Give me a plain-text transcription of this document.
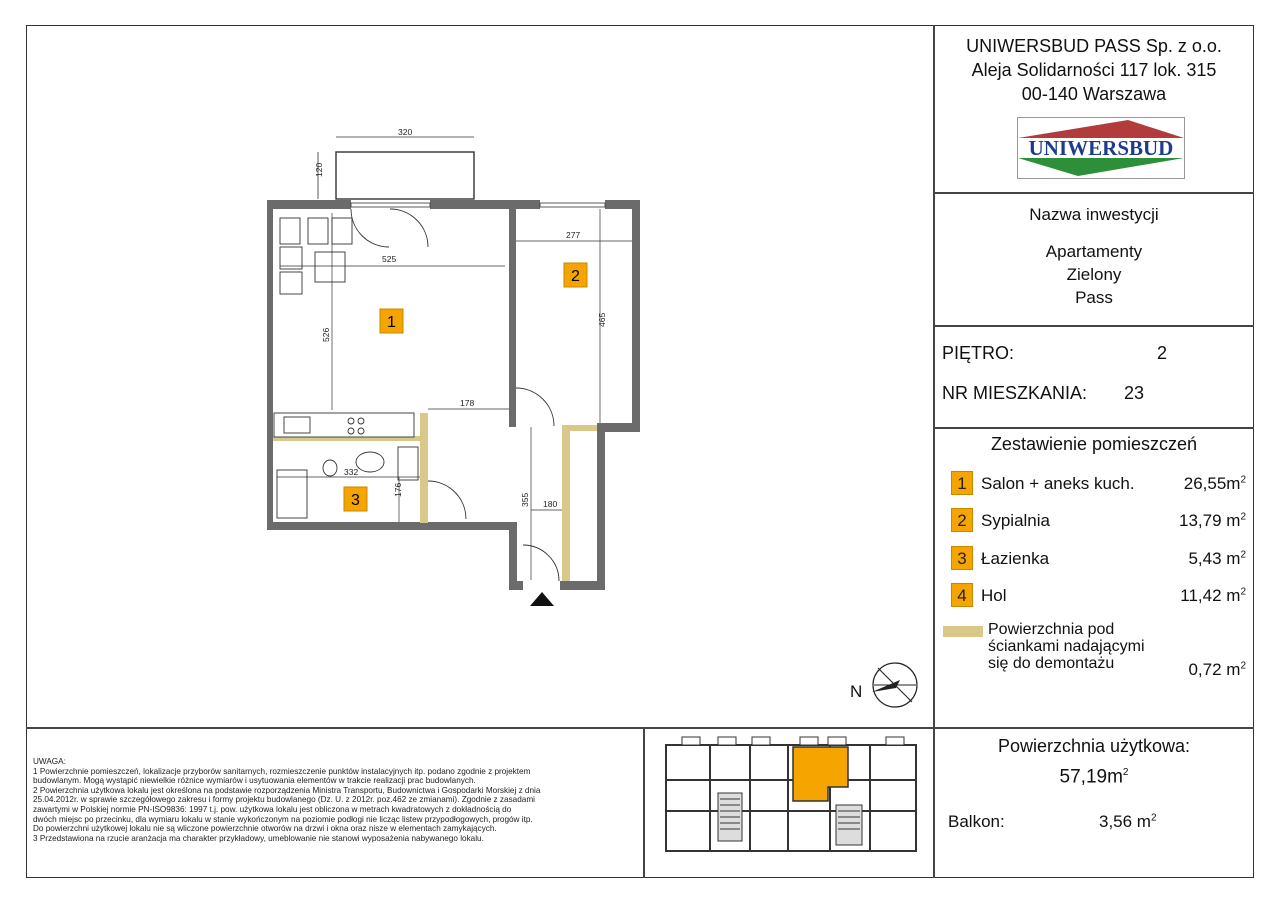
UNIWERSBUD PASS Sp. z o.o.
Aleja Solidarności 117 lok. 315
00-140 Warszawa
UNIWERSBUD
Nazwa inwestycji
Apartamenty
Zielony
Pass
PIĘTRO:	2
NR MIESZKANIA: 23
Zestawienie pomieszczeń
1 Salon + aneks kuch.	$26,55m^2$
2 Sypialnia	13,79 $m^2$
3 Łazienka	5,43 $m^2$
4 Hol	11,42 $m^2$
Powierzchnia pod
ściankami nadającymi
się do demontażu	0,72 $m^2$
Powierzchnia użytkowa:
$57,19m^2$
Balkon:	3,56 $m^2$
UWAGA:
1 Powierzchnie pomieszczeń, lokalizacje przyborów sanitarnych, rozmieszczenie punktów instalacyjnych itp. podano zgodnie z projektem
budowlanym. Mogą wystąpić niewielkie różnice wymiarów i usytuowania elementów w trakcie realizacji prac budowlanych.
2 Powierzchnia użytkowa lokalu jest określona na podstawie rozporządzenia Ministra Transportu, Budownictwa i Gospodarki Morskiej z dnia
25.04.2012r. w sprawie szczegółowego zakresu i formy projektu budowlanego (Dz. U. z 2012r. poz.462 ze zmianami). Zgodnie z zasadami
zawartymi w Polskiej normie PN-ISO9836: 1997 t.j. pow. użytkowa lokalu jest obliczona w metrach kwadratowych z dokładnością do
dwóch miejsc po przecinku, dla wymiaru lokalu w stanie wykończonym na poziomie podłogi nie licząc listew przypodłogowych, progów itp.
Do powierzchni użytkowej lokalu nie są wliczone powierzchnie otworów na drzwi i okna oraz nisze w elementach zamykających.
3 Przedstawiona na rzucie aranżacja ma charakter przykładowy, umeblowanie nie stanowi wyposażenia nabywanego lokalu.
N
320
120
525
526
277
465
178
332
176
355 180
1
2
3
